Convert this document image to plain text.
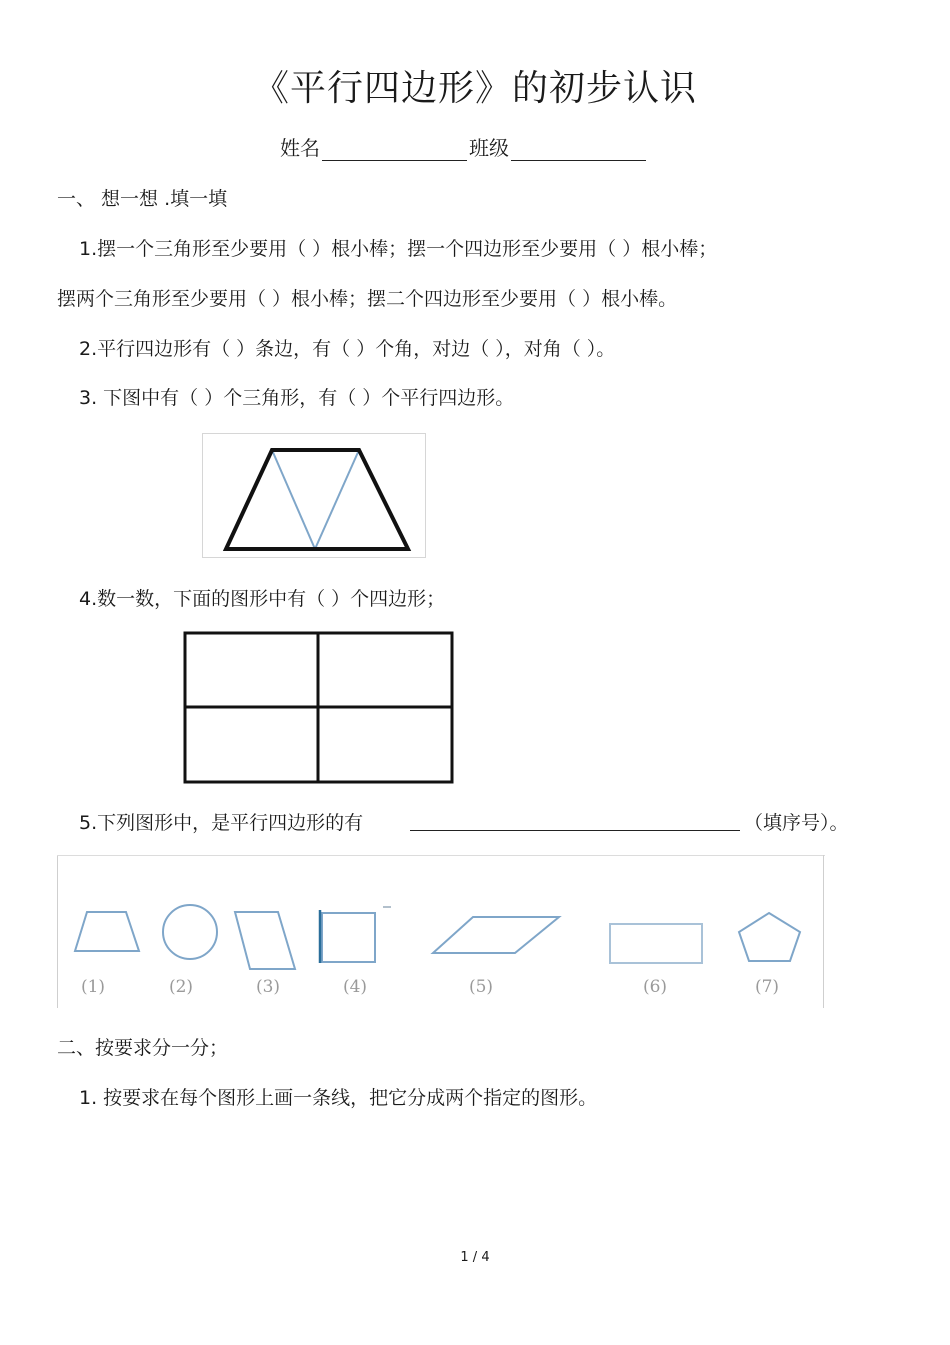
《平行四边形》的初步认识
姓名	班级
一、 想一想 .填一填
1.摆一个三角形至少要用（ ）根小棒；摆一个四边形至少要用（ ）根小棒；
摆两个三角形至少要用（ ）根小棒；摆二个四边形至少要用（ ）根小棒。
2.平行四边形有（ ）条边，有（ ）个角，对边（ ），对角（ ）。
3. 下图中有（ ）个三角形，有（ ）个平行四边形。
4.数一数，下面的图形中有（ ）个四边形；
5.下列图形中，是平行四边形的有	（填序号）。
(1)	(2)	(3)	(4)	(5)	(6)	(7)
二、按要求分一分；
1. 按要求在每个图形上画一条线，把它分成两个指定的图形。
1 / 4
